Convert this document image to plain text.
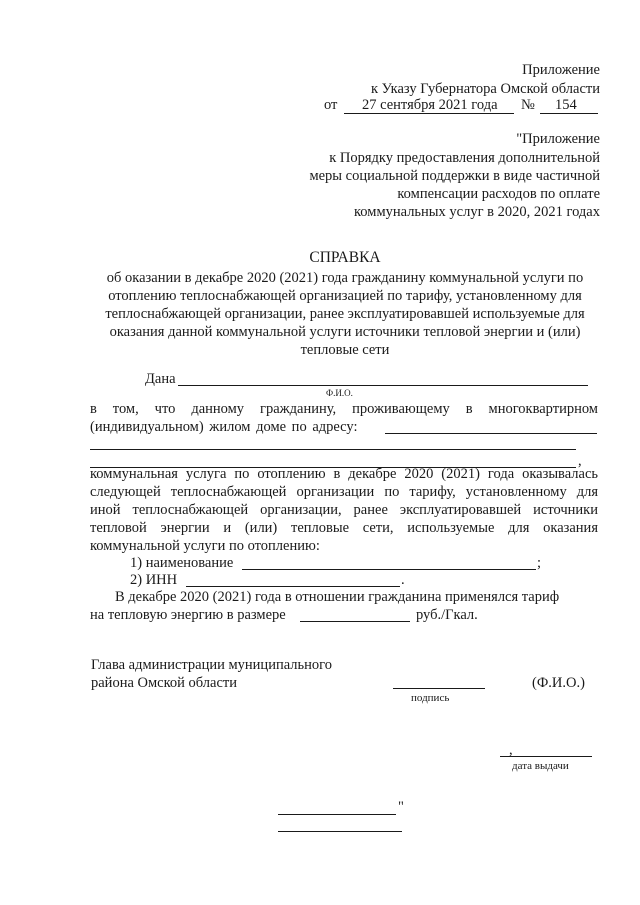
Приложение
к Указу Губернатора Омской области
от 27 сентября 2021 года № 154
"Приложение
к Порядку предоставления дополнительной
меры социальной поддержки в виде частичной
компенсации расходов по оплате
коммунальных услуг в 2020, 2021 годах
СПРАВКА
об оказании в декабре 2020 (2021) года гражданину коммунальной услуги по
отоплению теплоснабжающей организацией по тарифу, установленному для
теплоснабжающей организации, ранее эксплуатировавшей используемые для
оказания данной коммунальной услуги источники тепловой энергии и (или)
тепловые сети
Дана
Ф.И.О.
в том, что данному гражданину, проживающему в многоквартирном
(индивидуальном) жилом доме по адресу:
,
коммунальная услуга по отоплению в декабре 2020 (2021) года оказывалась
следующей теплоснабжающей организации по тарифу, установленному для
иной теплоснабжающей организации, ранее эксплуатировавшей источники
тепловой энергии и (или) тепловые сети, используемые для оказания
коммунальной услуги по отоплению:
1) наименование	;
2) ИНН	.
В декабре 2020 (2021) года в отношении гражданина применялся тариф
на тепловую энергию в размере	руб./Гкал.
Глава администрации муниципального
района Омской области
подпись
(Ф.И.О.)
,
дата выдачи
"
